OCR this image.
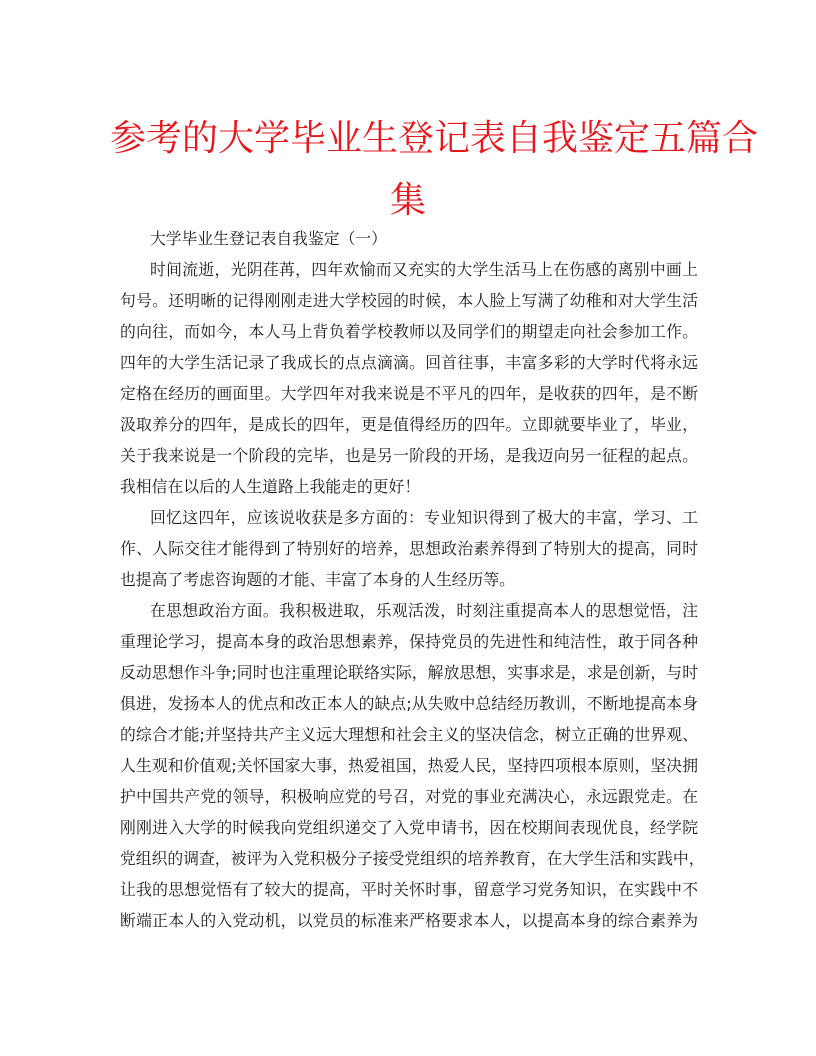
参考的大学毕业生登记表自我鉴定五篇合
集

大学毕业生登记表自我鉴定（一）

时间流逝，光阴荏苒，四年欢愉而又充实的大学生活马上在伤感的离别中画上
句号。还明晰的记得刚刚走进大学校园的时候，本人脸上写满了幼稚和对大学生活
的向往，而如今，本人马上背负着学校教师以及同学们的期望走向社会参加工作。
四年的大学生活记录了我成长的点点滴滴。回首往事，丰富多彩的大学时代将永远
定格在经历的画面里。大学四年对我来说是不平凡的四年，是收获的四年，是不断
汲取养分的四年，是成长的四年，更是值得经历的四年。立即就要毕业了，毕业，
关于我来说是一个阶段的完毕，也是另一阶段的开场，是我迈向另一征程的起点。
我相信在以后的人生道路上我能走的更好！

回忆这四年，应该说收获是多方面的：专业知识得到了极大的丰富，学习、工
作、人际交往才能得到了特别好的培养，思想政治素养得到了特别大的提高，同时
也提高了考虑咨询题的才能、丰富了本身的人生经历等。

在思想政治方面。我积极进取，乐观活泼，时刻注重提高本人的思想觉悟，注
重理论学习，提高本身的政治思想素养，保持党员的先进性和纯洁性，敢于同各种
反动思想作斗争;同时也注重理论联络实际，解放思想，实事求是，求是创新，与时
俱进，发扬本人的优点和改正本人的缺点;从失败中总结经历教训，不断地提高本身
的综合才能;并坚持共产主义远大理想和社会主义的坚决信念，树立正确的世界观、
人生观和价值观;关怀国家大事，热爱祖国，热爱人民，坚持四项根本原则，坚决拥
护中国共产党的领导，积极响应党的号召，对党的事业充满决心，永远跟党走。在
刚刚进入大学的时候我向党组织递交了入党申请书，因在校期间表现优良，经学院
党组织的调查，被评为入党积极分子接受党组织的培养教育，在大学生活和实践中，
让我的思想觉悟有了较大的提高，平时关怀时事，留意学习党务知识，在实践中不
断端正本人的入党动机，以党员的标准来严格要求本人，以提高本身的综合素养为
